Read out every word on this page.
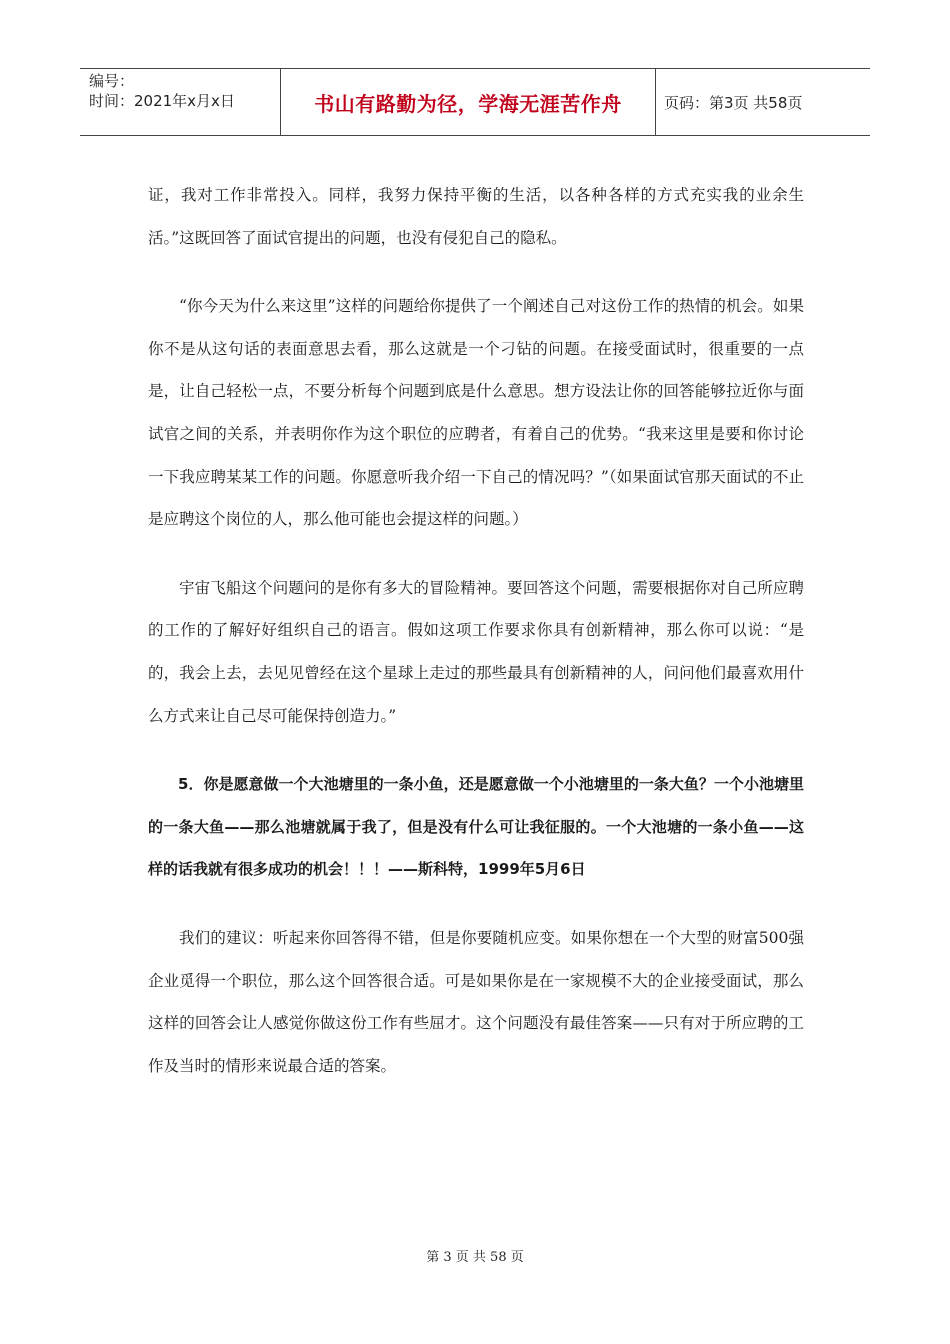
编号：
时间：2021年x月x日	书山有路勤为径，学海无涯苦作舟	页码：第3页 共58页

证，我对工作非常投入。同样，我努力保持平衡的生活，以各种各样的方式充实我的业余生活。”这既回答了面试官提出的问题，也没有侵犯自己的隐私。

“你今天为什么来这里”这样的问题给你提供了一个阐述自己对这份工作的热情的机会。如果你不是从这句话的表面意思去看，那么这就是一个刁钻的问题。在接受面试时，很重要的一点是，让自己轻松一点，不要分析每个问题到底是什么意思。想方设法让你的回答能够拉近你与面试官之间的关系，并表明你作为这个职位的应聘者，有着自己的优势。“我来这里是要和你讨论一下我应聘某某工作的问题。你愿意听我介绍一下自己的情况吗？”（如果面试官那天面试的不止是应聘这个岗位的人，那么他可能也会提这样的问题。）

宇宙飞船这个问题问的是你有多大的冒险精神。要回答这个问题，需要根据你对自己所应聘的工作的了解好好组织自己的语言。假如这项工作要求你具有创新精神，那么你可以说：“是的，我会上去，去见见曾经在这个星球上走过的那些最具有创新精神的人，问问他们最喜欢用什么方式来让自己尽可能保持创造力。”

5．你是愿意做一个大池塘里的一条小鱼，还是愿意做一个小池塘里的一条大鱼？一个小池塘里的一条大鱼——那么池塘就属于我了，但是没有什么可让我征服的。一个大池塘的一条小鱼——这样的话我就有很多成功的机会！！！——斯科特，1999年5月6日

我们的建议：听起来你回答得不错，但是你要随机应变。如果你想在一个大型的财富500强企业觅得一个职位，那么这个回答很合适。可是如果你是在一家规模不大的企业接受面试，那么这样的回答会让人感觉你做这份工作有些屈才。这个问题没有最佳答案——只有对于所应聘的工作及当时的情形来说最合适的答案。

第 3 页 共 58 页
